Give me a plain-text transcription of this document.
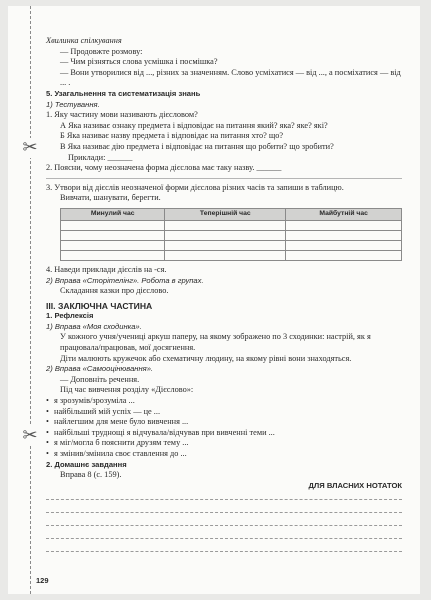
✂
✂

Хвилинка спілкування

— Продовжте розмову:

— Чим різняться слова усмішка і посмішка?

— Вони утворилися від ..., різних за значенням. Слово усміхатися — від ..., а посміхатися — від ... .

5. Узагальнення та систематизація знань

1) Тестування.

1. Яку частину мови називають дієсловом?

А Яка називає ознаку предмета і відповідає на питання який? яка? яке? які?

Б Яка називає назву предмета і відповідає на питання хто? що?

В Яка називає дію предмета і відповідає на питання що робити? що зробити?

Приклади: ______

2. Поясни, чому неозначена форма дієслова має таку назву. ______

3. Утвори від дієслів неозначеної форми дієслова різних часів та запиши в таблицю.

Вивчати, шанувати, берегти.

Минулий час	Теперішній час	Майбутній час

4. Наведи приклади дієслів на -ся.

2) Вправа «Сторітелінг». Робота в групах.

Складання казки про дієслово.

III. ЗАКЛЮЧНА ЧАСТИНА

1. Рефлексія

1) Вправа «Моя сходинка».

У кожного учня/учениці аркуш паперу, на якому зображено по 3 сходинки: настрій, як я працювала/працював, мої досягнення.

Діти малюють кружечок або схематичну людину, на якому рівні вони знаходяться.

2) Вправа «Самооцінювання».

— Доповніть речення.

Під час вивчення розділу «Дієслово»:

• я зрозумів/зрозуміла ...

• найбільший мій успіх — це ...

• найлегшим для мене було вивчення ...

• найбільші труднощі я відчувала/відчував при вивченні теми ...

• я міг/могла б пояснити друзям тему ...

• я змінив/змінила своє ставлення до ...

2. Домашнє завдання

Вправа 8 (с. 159).

ДЛЯ ВЛАСНИХ НОТАТОК

129
